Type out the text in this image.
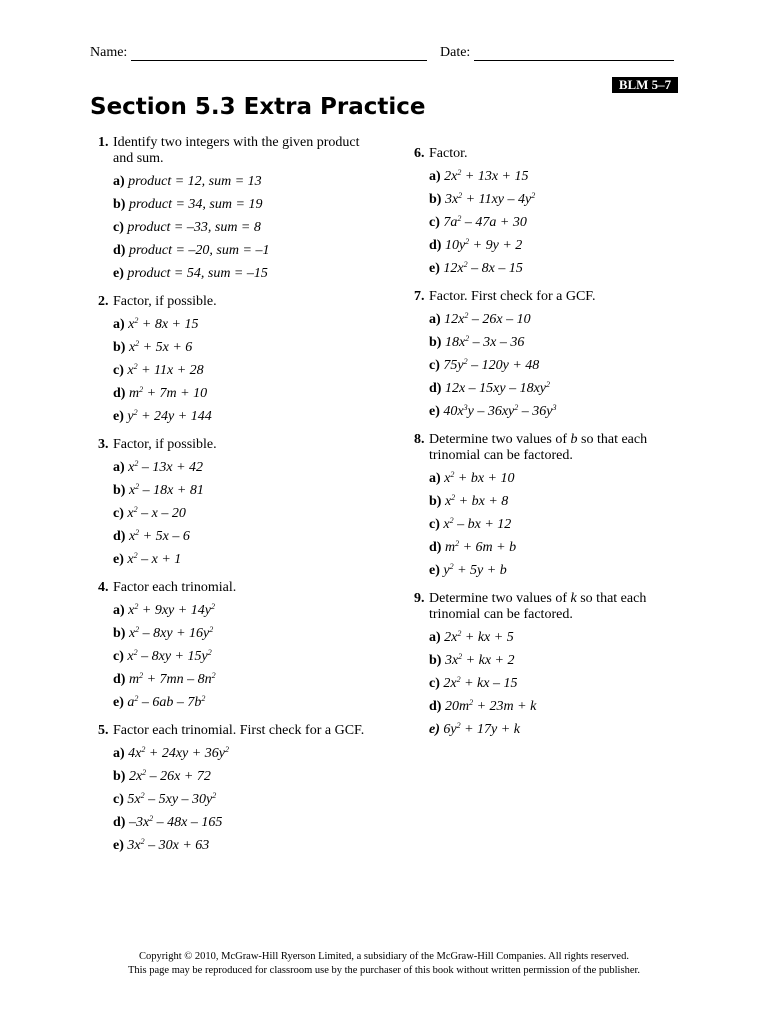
Name:	Date:
BLM 5–7
Section 5.3 Extra Practice
1. Identify two integers with the given product and sum.
a) product = 12, sum = 13
b) product = 34, sum = 19
c) product = –33, sum = 8
d) product = –20, sum = –1
e) product = 54, sum = –15
2. Factor, if possible.
a) $x^2 + 8x + 15$
b) $x^2 + 5x + 6$
c) $x^2 + 11x + 28$
d) $m^2 + 7m + 10$
e) $y^2 + 24y + 144$
3. Factor, if possible.
a) $x^2 - 13x + 42$
b) $x^2 - 18x + 81$
c) $x^2$ – x – 20
d) $x^2 + 5x - 6$
e) $x^2 - x + 1$
4. Factor each trinomial.
a) $x^2 + 9xy + 14y^2$
b) $x^2 - 8xy + 16y^2$
c) $x^2 - 8xy + 15y^2$
d) $m^2 + 7mn - 8n^2$
e) $a^2 - 6ab - 7b^2$
5. Factor each trinomial. First check for a GCF.
a) $4x^2 + 24xy + 36y^2$
b) $2x^2 - 26x + 72$
c) $5x^2 - 5xy - 30y^2$
d) $-3x^2 - 48x - 165$
e) $3x^2 - 30x + 63$
6. Factor.
a) $2x^2 + 13x + 15$
b) $3x^2 + 11xy - 4y^2$
c) $7a^2 - 47a + 30$
d) $10y^2 + 9y + 2$
e) $12x^2 - 8x - 15$
7. Factor. First check for a GCF.
a) $12x^2 - 26x - 10$
b) $18x^2 - 3x - 36$
c) $75y^2 - 120y + 48$
d) $12x - 15xy - 18xy^2$
e) $40x^3y - 36xy^2 - 36y^3$
8. Determine two values of b so that each trinomial can be factored.
a) $x^2$ + bx + 10
b) $x^2$ + bx + 8
c) $x^2$ – bx + 12
d) $m^2 + 6m + b$
e) $y^2 + 5y + b$
9. Determine two values of k so that each trinomial can be factored.
a) $2x^2$ + kx + 5
b) $3x^2$ + kx + 2
c) $2x^2$ + kx – 15
d) $20m^2 + 23m + k$
e) $6y^2 + 17y + k$
Copyright © 2010, McGraw-Hill Ryerson Limited, a subsidiary of the McGraw-Hill Companies. All rights reserved.
This page may be reproduced for classroom use by the purchaser of this book without written permission of the publisher.
